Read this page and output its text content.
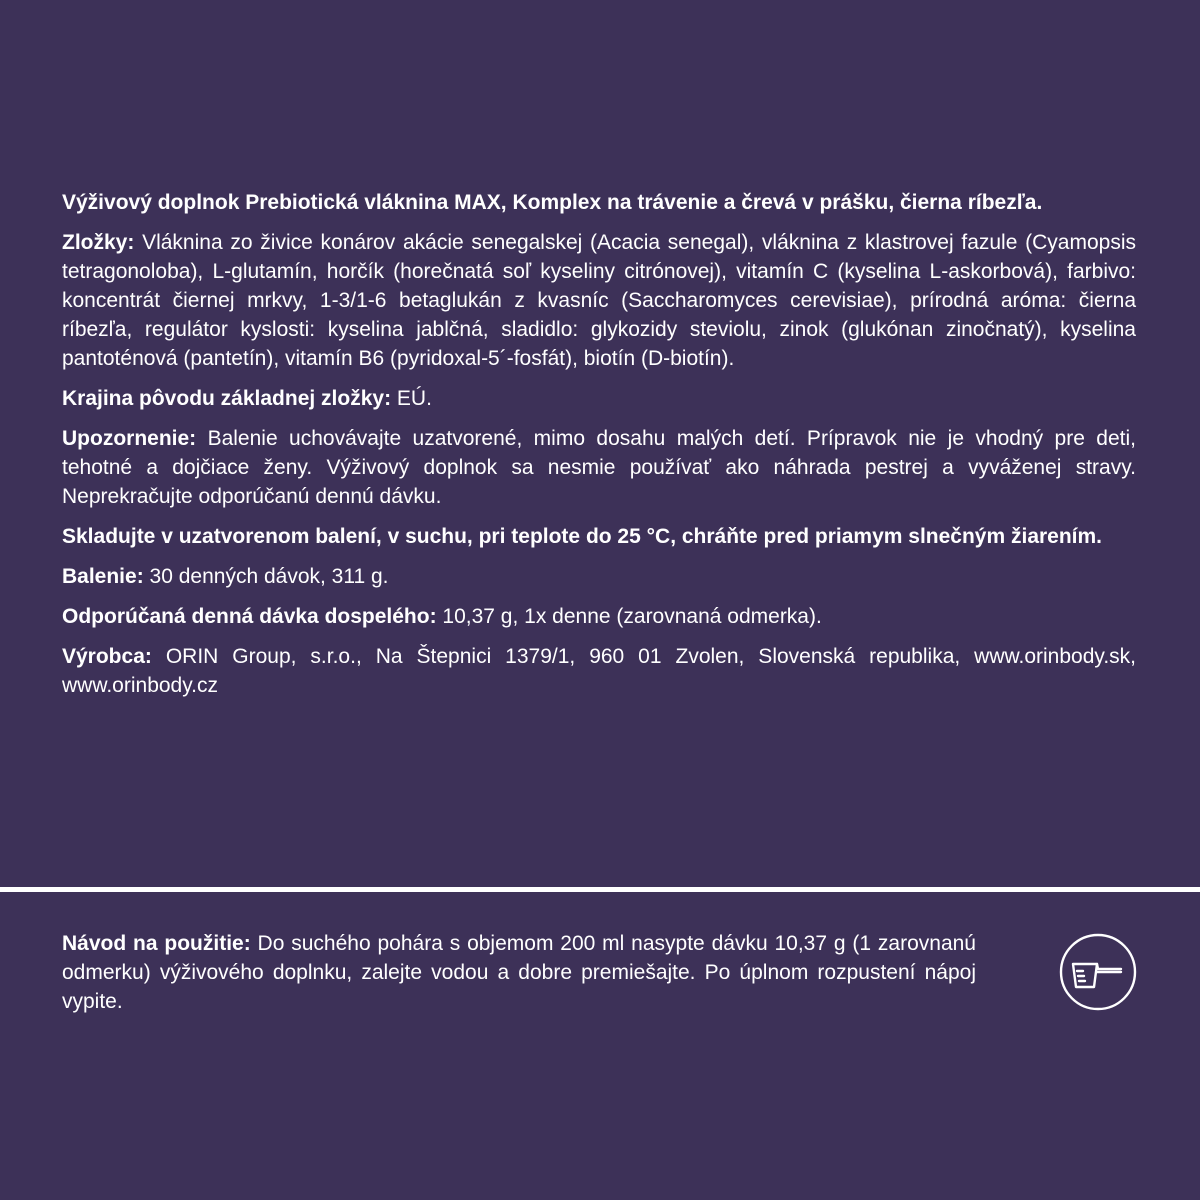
Výživový doplnok Prebiotická vláknina MAX, Komplex na trávenie a črevá v prášku, čierna ríbezľa.

Zložky: Vláknina zo živice konárov akácie senegalskej (Acacia senegal), vláknina z klastrovej fazule (Cyamopsis tetragonoloba), L-glutamín, horčík (horečnatá soľ kyseliny citrónovej), vitamín C (kyselina L-askorbová), farbivo: koncentrát čiernej mrkvy, 1-3/1-6 betaglukán z kvasníc (Saccharomyces cerevisiae), prírodná aróma: čierna ríbezľa, regulátor kyslosti: kyselina jablčná, sladidlo: glykozidy steviolu, zinok (glukónan zinočnatý), kyselina pantoténová (pantetín), vitamín B6 (pyridoxal-5´-fosfát), biotín (D-biotín).

Krajina pôvodu základnej zložky: EÚ.

Upozornenie: Balenie uchovávajte uzatvorené, mimo dosahu malých detí. Prípravok nie je vhodný pre deti, tehotné a dojčiace ženy. Výživový doplnok sa nesmie používať ako náhrada pestrej a vyváženej stravy. Neprekračujte odporúčanú dennú dávku.

Skladujte v uzatvorenom balení, v suchu, pri teplote do 25 °C, chráňte pred priamym slnečným žiarením.

Balenie: 30 denných dávok, 311 g.

Odporúčaná denná dávka dospelého: 10,37 g, 1x denne (zarovnaná odmerka).

Výrobca: ORIN Group, s.r.o., Na Štepnici 1379/1, 960 01 Zvolen, Slovenská republika, www.orinbody.sk, www.orinbody.cz

Návod na použitie: Do suchého pohára s objemom 200 ml nasypte dávku 10,37 g (1 zarovnanú odmerku) výživového doplnku, zalejte vodou a dobre premiešajte. Po úplnom rozpustení nápoj vypite.
